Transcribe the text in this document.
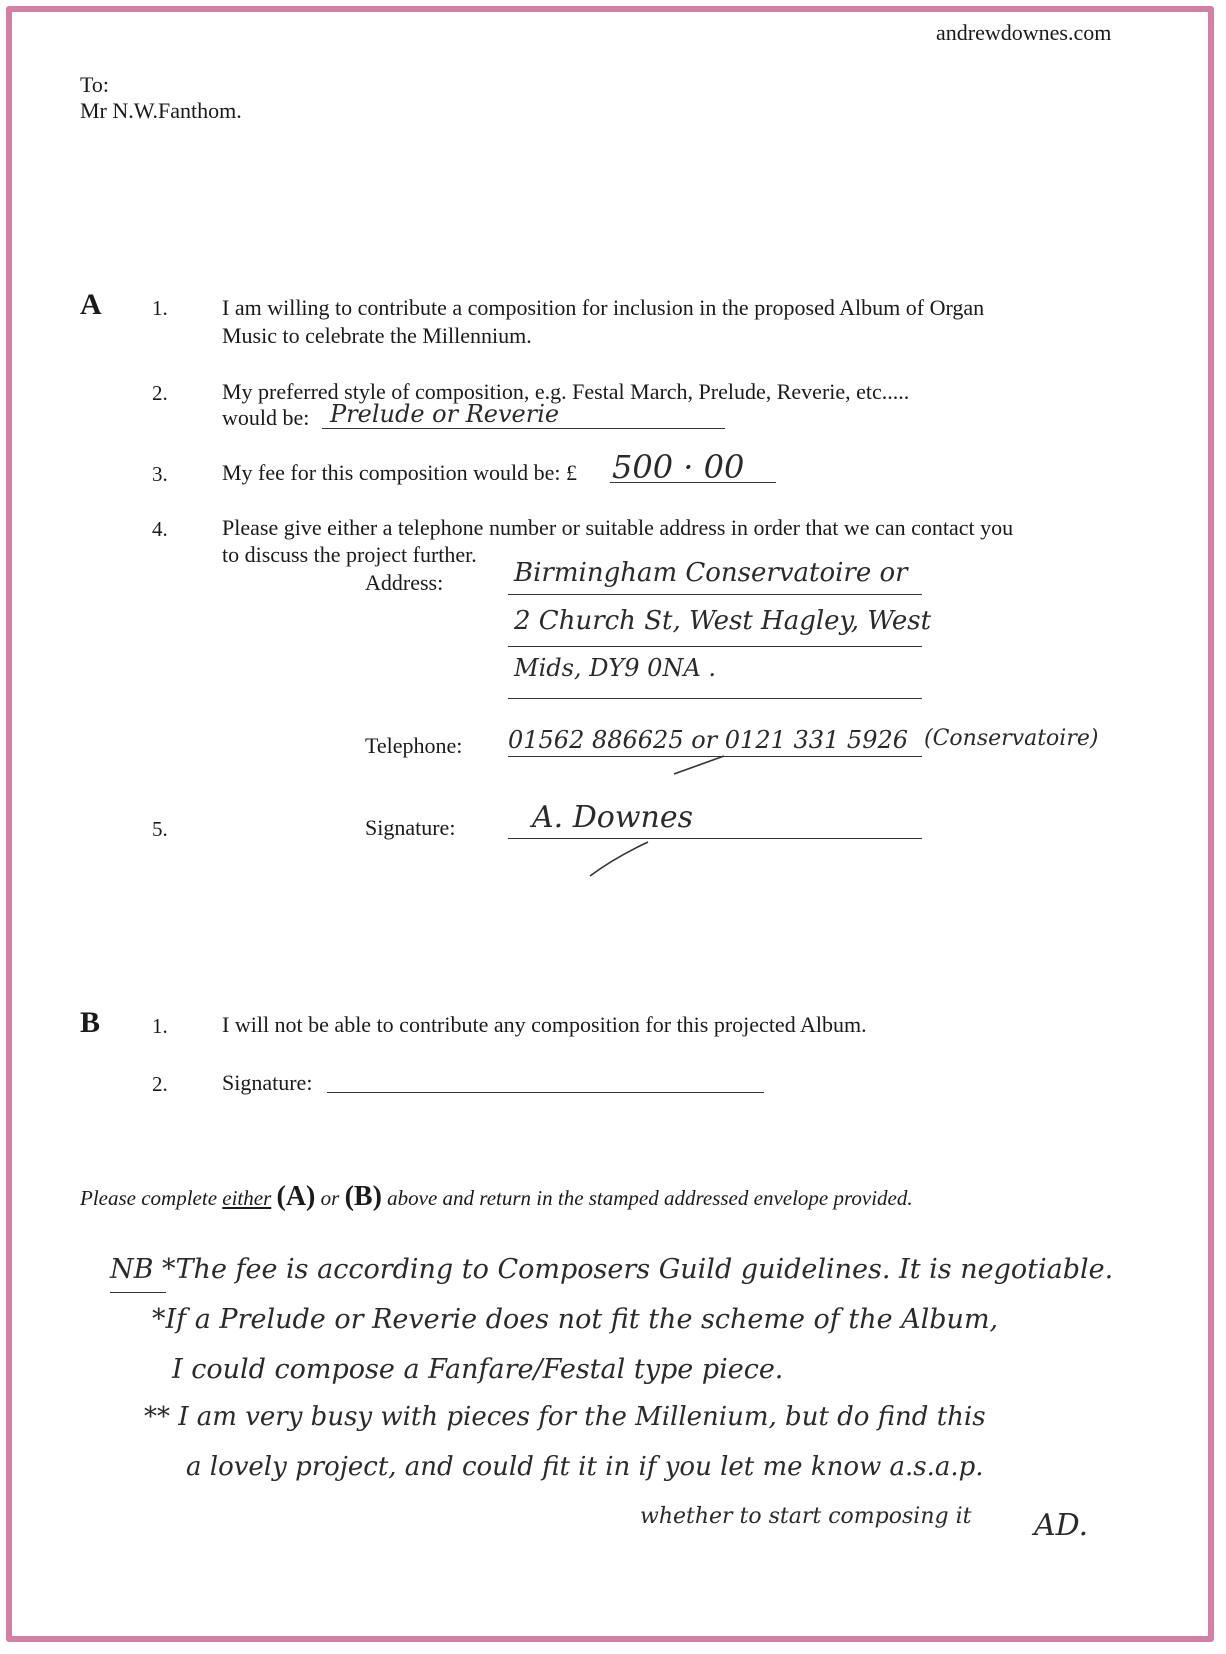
andrewdownes.com
To:
Mr N.W.Fanthom.
A 1. I am willing to contribute a composition for inclusion in the proposed Album of Organ
Music to celebrate the Millennium.
2. My preferred style of composition, e.g. Festal March, Prelude, Reverie, etc.....
would be: Prelude or Reverie
3. My fee for this composition would be: £ 500 · 00
4. Please give either a telephone number or suitable address in order that we can contact you
to discuss the project further.
Address:	Birmingham Conservatoire or
2 Church St, West Hagley, West
Mids, DY9 0NA .
Telephone: 01562 886625 or 0121 331 5926 (Conservatoire)
5.	Signature:	A. Downes
B 1. I will not be able to contribute any composition for this projected Album.
2. Signature:
Please complete either (A) or (B) above and return in the stamped addressed envelope provided.
NB *The fee is according to Composers Guild guidelines. It is negotiable.
*If a Prelude or Reverie does not fit the scheme of the Album,
I could compose a Fanfare/Festal type piece.
** I am very busy with pieces for the Millenium, but do find this
a lovely project, and could fit it in if you let me know a.s.a.p.
whether to start composing it AD.
